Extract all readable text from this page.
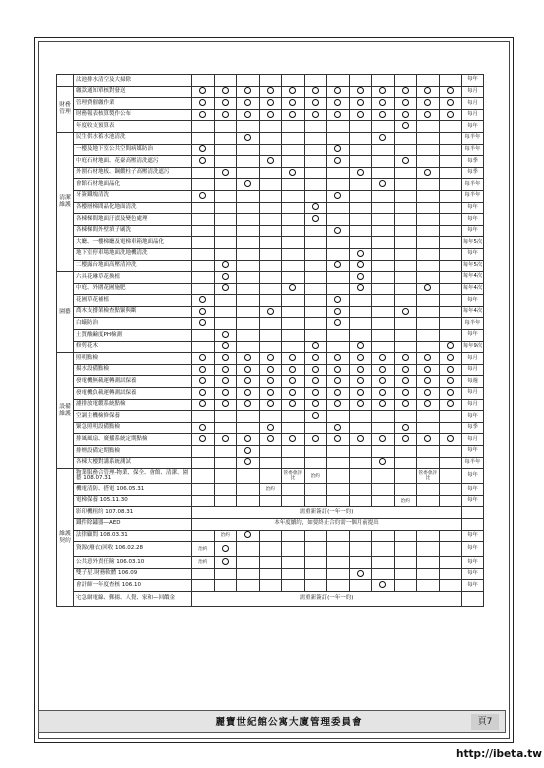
	汰池排水清空及大掃除													每年
財務管理	繳款通知單核對發送													每月
	管理費催繳作業													每月
	財務報表核算製作公布													每月
	年度收支預算表													每年
清潔維護	民生供水蓄水池清洗													每半年
	一樓及地下室公共空間病媒防治													每半年
	中庭石材地面、花臺高壓清洗遮污													每季
	外圍石材地板、鋼纜柱子高壓清洗遮污													每季
	會館石材地面晶化													每半年
	牙簽鐵塊清洗													每半年
	各樓層梯間晶化地面清洗													每年
	各棟梯間地面汙漬及變色處理													每年
	各棟梯間外壁填子刷洗													每年
	大廳、一樓梯廳及電梯車箱地面晶化													每年5次
	地下室停車場地面洗地機清洗													每年
	二樓露台地面高壓清沖洗													每年5次
園藝	六具花琳草花換植													每年4次
	中庭、外圍花圃施肥													每年4次
	花圃草花補植													每年
	喬木支撐架檢查點緊與斷													每年4次
	白蟻防治													每半年
	土質酸鹼度PH檢測													每年
	修剪花木													每年9次
設備維護	照明點檢													每月
	揚水設備點檢													每月
	發電機無載運轉測試保養													每週
	發電機負載運轉測試保養													每月
	濾排放電纜系統點檢													每月
	空調主機檢修保養													每年
	緊急照明設備點檢													每季
	排風風扇、廣播系統定期點檢													每月
	排煙設備定期點檢													每年
	各棟大樓對講系統測試													每半年
維護契約	物業服務合管理-物業、保全、會館、清潔、園藝 108.07.31					管委會評比	治約					管委會評比		每年
	機電清防、搭電 106.05.31				治約									每年
	電梯保養 105.11.30										治約			每年
	影印機租約 107.08.31	需重新簽訂(一年一約)												
	鐵件除鏽器—AED	本年度續約，如要終止合約需一個月前提出												
	法律顧問 108.03.31		治約											每年
	資源(廢衣)回收 106.02.28	治約												每年
	公共意外責任險 106.03.10	治約												每年
	雙子星.財務軟體 106.09													每年
	會計師一年度查核 106.10													每年
	宅急網電線、郵揚、人覺、家和—回饋金	需重新簽訂(一年一約)												
麗寶世紀館公寓大廈管理委員會	頁7
http://ibeta.tw
